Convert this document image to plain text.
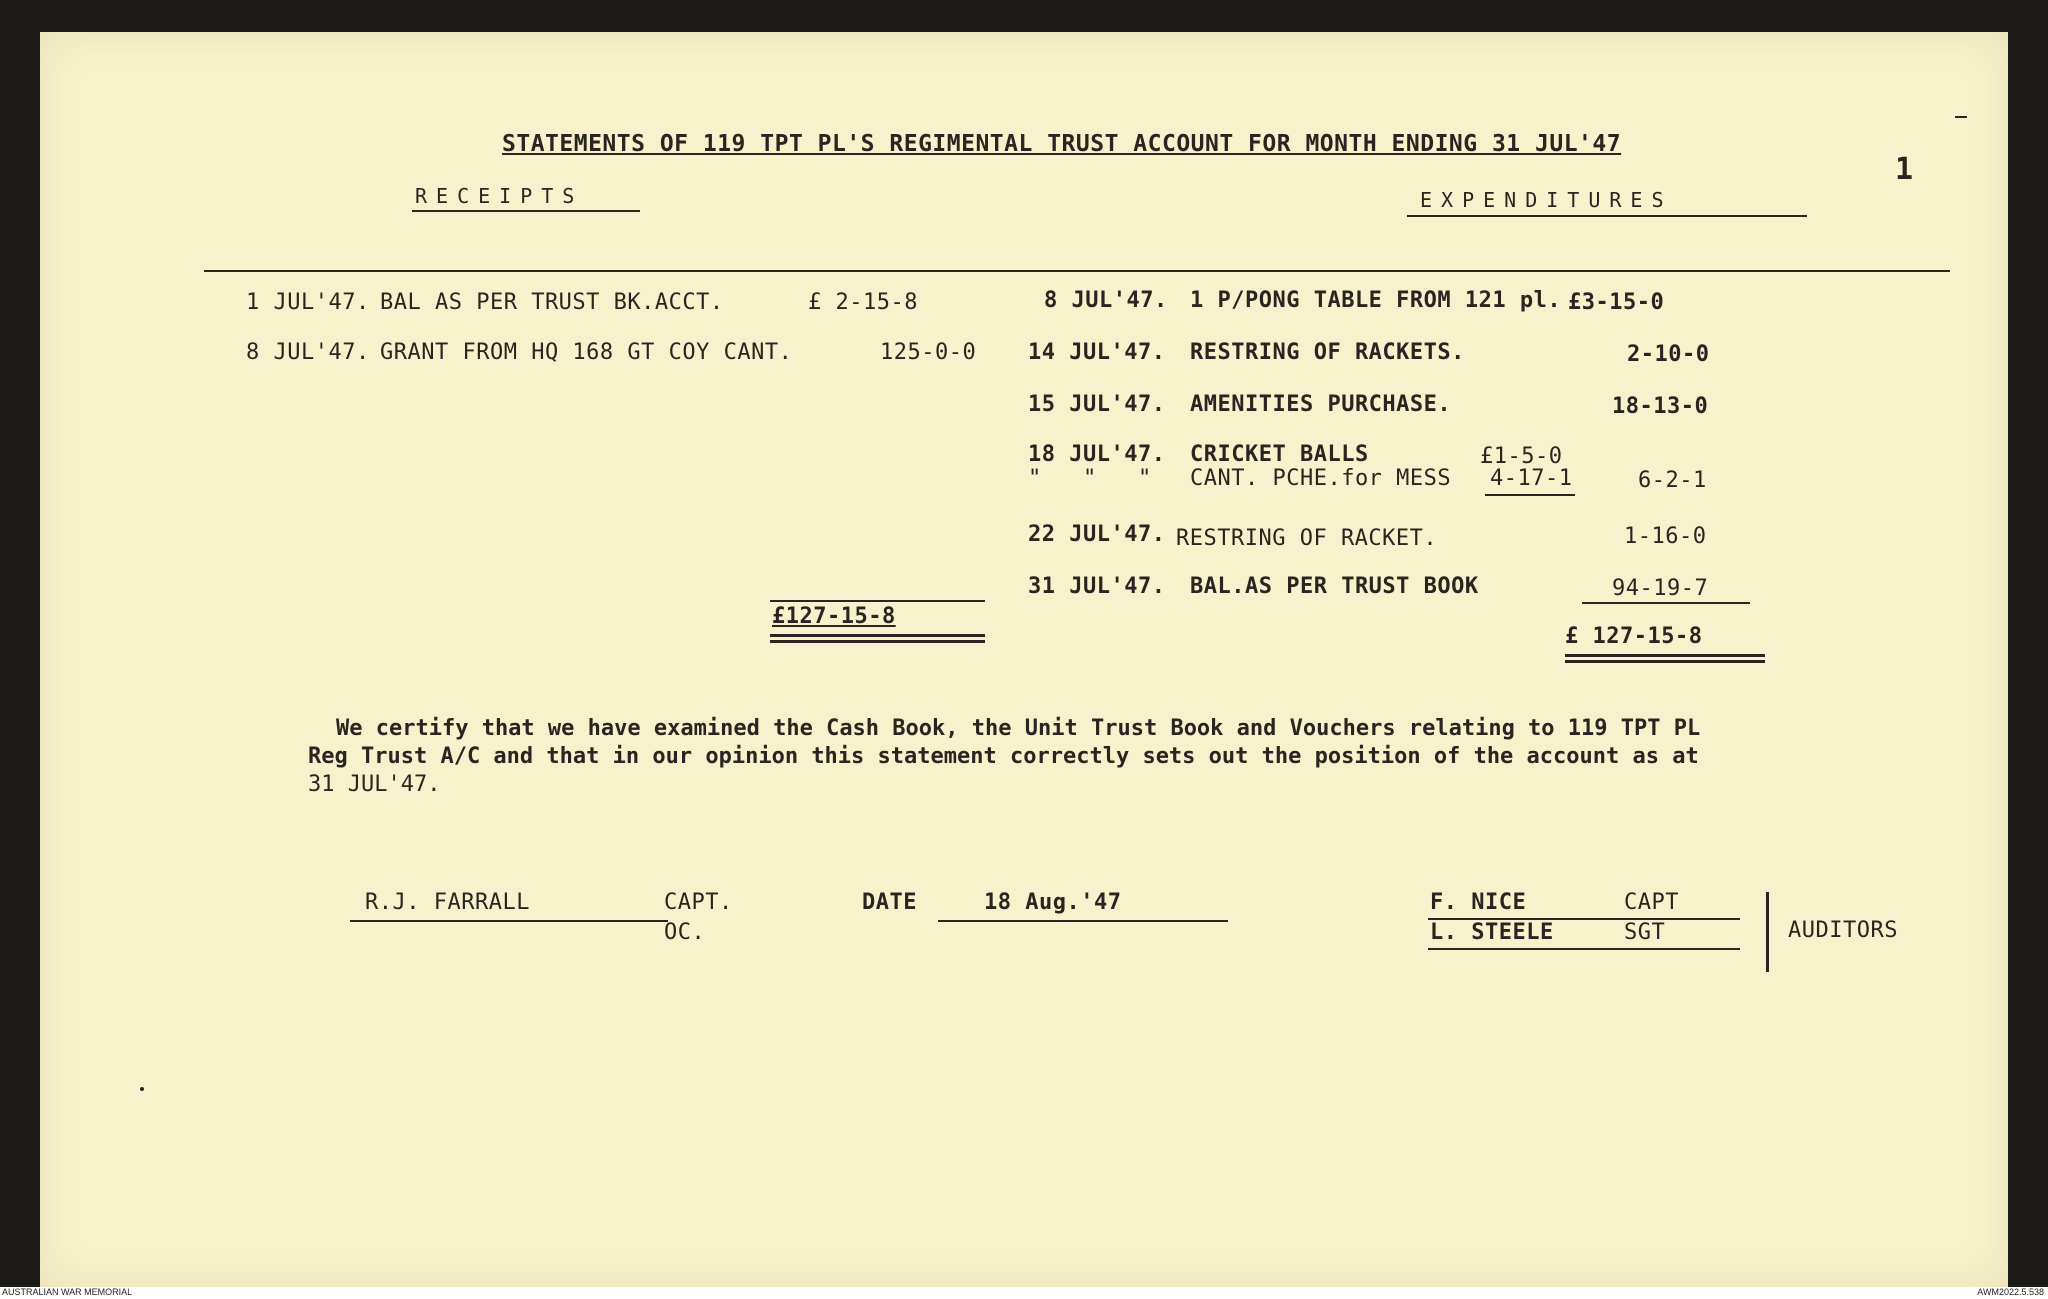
STATEMENTS OF 119 TPT PL'S REGIMENTAL TRUST ACCOUNT FOR MONTH ENDING 31 JUL'47
1
RECEIPTS	EXPENDITURES
1 JUL'47. BAL AS PER TRUST BK.ACCT.	£ 2-15-8
8 JUL'47. GRANT FROM HQ 168 GT COY CANT.	125-0-0
£127-15-8
8 JUL'47. 1 P/PONG TABLE FROM 121 pl. £3-15-0
14 JUL'47. RESTRING OF RACKETS.	2-10-0
15 JUL'47. AMENITIES PURCHASE.	18-13-0
18 JUL'47. CRICKET BALLS	£1-5-0
"   "   " CANT. PCHE.for MESS 4-17-1	6-2-1
22 JUL'47. RESTRING OF RACKET.	1-16-0
31 JUL'47. BAL.AS PER TRUST BOOK	94-19-7
£ 127-15-8
We certify that we have examined the Cash Book, the Unit Trust Book and Vouchers relating to 119 TPT PL
Reg Trust A/C and that in our opinion this statement correctly sets out the position of the account as at
31 JUL'47.
R.J. FARRALL	CAPT.
OC.
DATE	18 Aug.'47	F. NICE	CAPT
L. STEELE	SGT	AUDITORS
AUSTRALIAN WAR MEMORIAL	AWM2022.5.538
